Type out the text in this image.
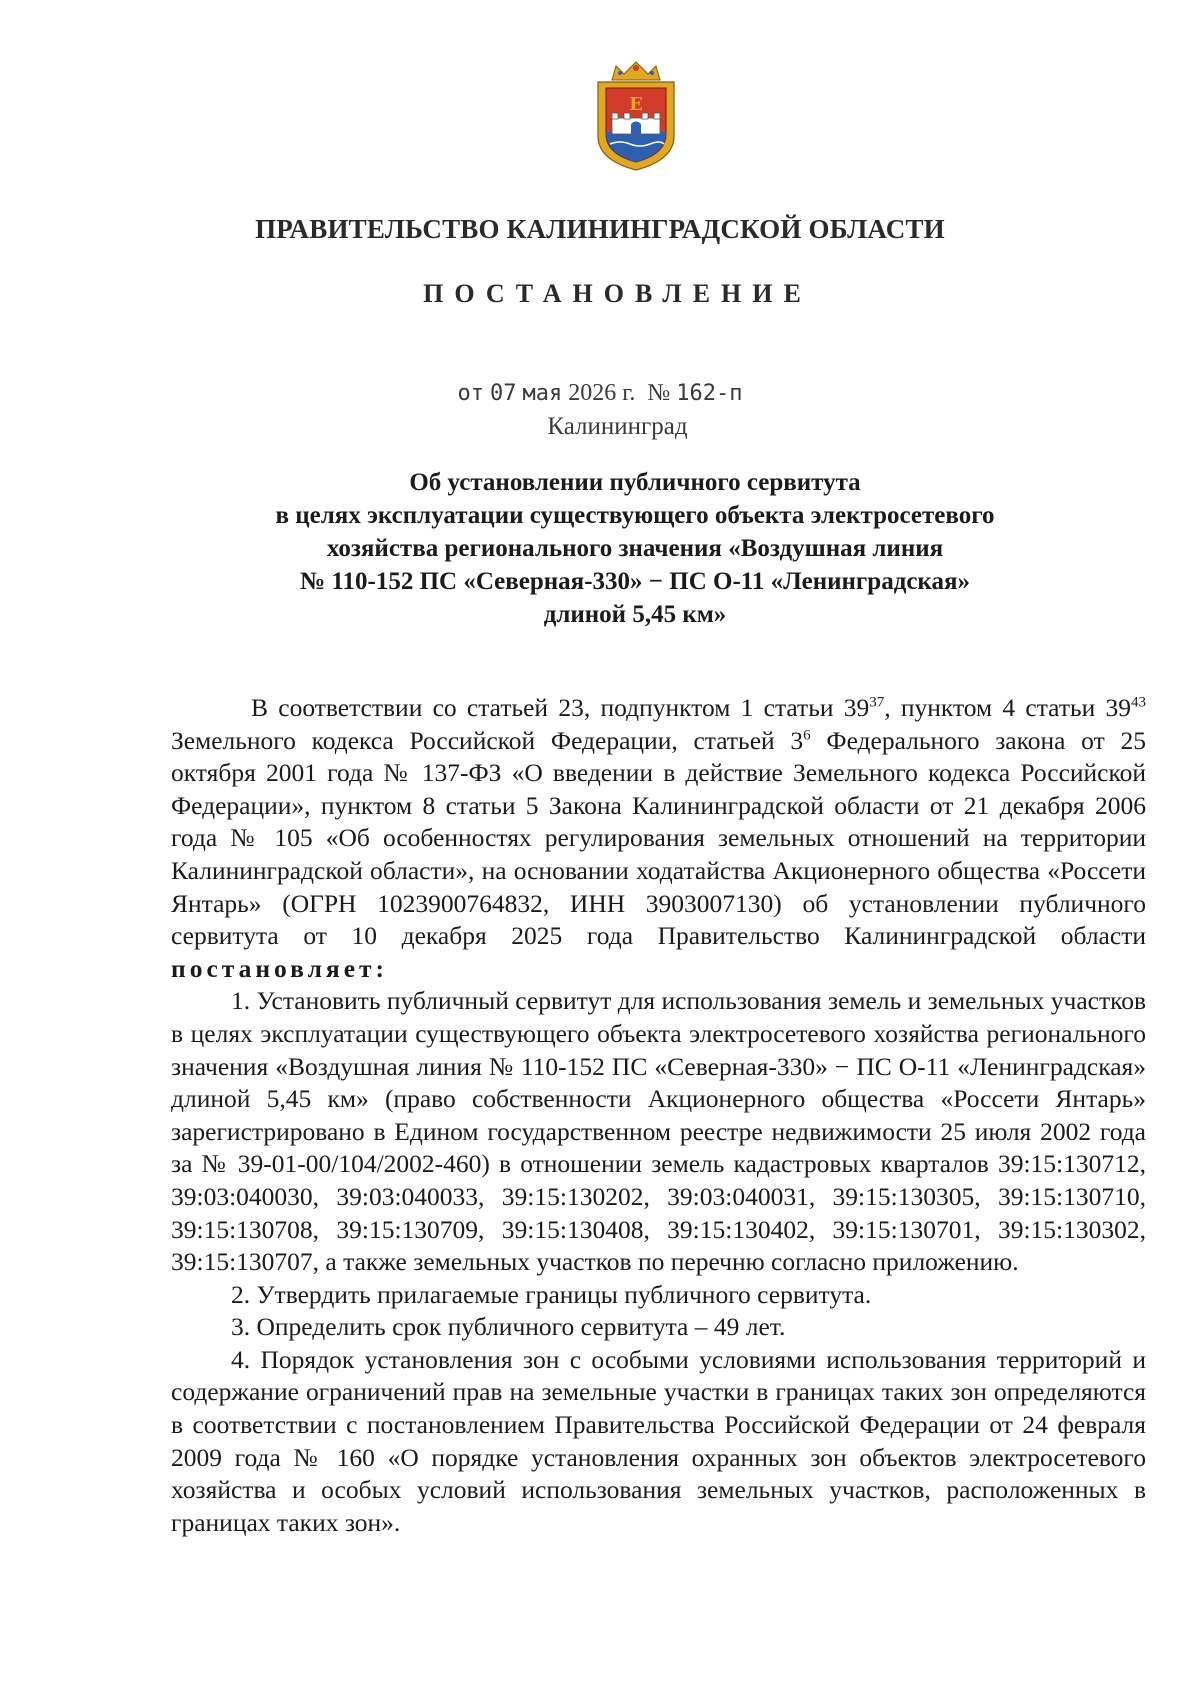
Е
ПРАВИТЕЛЬСТВО КАЛИНИНГРАДСКОЙ ОБЛАСТИ
ПОСТАНОВЛЕНИЕ
от 07 мая 2026 г. № 162-п
Калининград
Об установлении публичного сервитута
в целях эксплуатации существующего объекта электросетевого
хозяйства регионального значения «Воздушная линия
№ 110-152 ПС «Северная-330» − ПС О-11 «Ленинградская»
длиной 5,45 км»

В соответствии со статьей 23, подпунктом 1 статьи $39^{37}$, пунктом 4 статьи $39^{43}$ Земельного кодекса Российской Федерации, статьей $3^6$ Федерального закона от 25 октября 2001 года № 137-ФЗ «О введении в действие Земельного кодекса Российской Федерации», пунктом 8 статьи 5 Закона Калининградской области от 21 декабря 2006 года № 105 «Об особенностях регулирования земельных отношений на территории Калининградской области», на основании ходатайства Акционерного общества «Россети Янтарь» (ОГРН 1023900764832, ИНН 3903007130) об установлении публичного сервитута от 10 декабря 2025 года Правительство Калининградской области постановляет:

1. Установить публичный сервитут для использования земель и земельных участков в целях эксплуатации существующего объекта электросетевого хозяйства регионального значения «Воздушная линия № 110-152 ПС «Северная-330» − ПС О-11 «Ленинградская» длиной 5,45 км» (право собственности Акционерного общества «Россети Янтарь» зарегистрировано в Едином государственном реестре недвижимости 25 июля 2002 года за № 39-01-00/104/2002-460) в отношении земель кадастровых кварталов 39:15:130712, 39:03:040030, 39:03:040033, 39:15:130202, 39:03:040031, 39:15:130305, 39:15:130710, 39:15:130708, 39:15:130709, 39:15:130408, 39:15:130402, 39:15:130701, 39:15:130302, 39:15:130707, а также земельных участков по перечню согласно приложению.

2. Утвердить прилагаемые границы публичного сервитута.

3. Определить срок публичного сервитута – 49 лет.

4. Порядок установления зон с особыми условиями использования территорий и содержание ограничений прав на земельные участки в границах таких зон определяются в соответствии с постановлением Правительства Российской Федерации от 24 февраля 2009 года № 160 «О порядке установления охранных зон объектов электросетевого хозяйства и особых условий использования земельных участков, расположенных в границах таких зон».
